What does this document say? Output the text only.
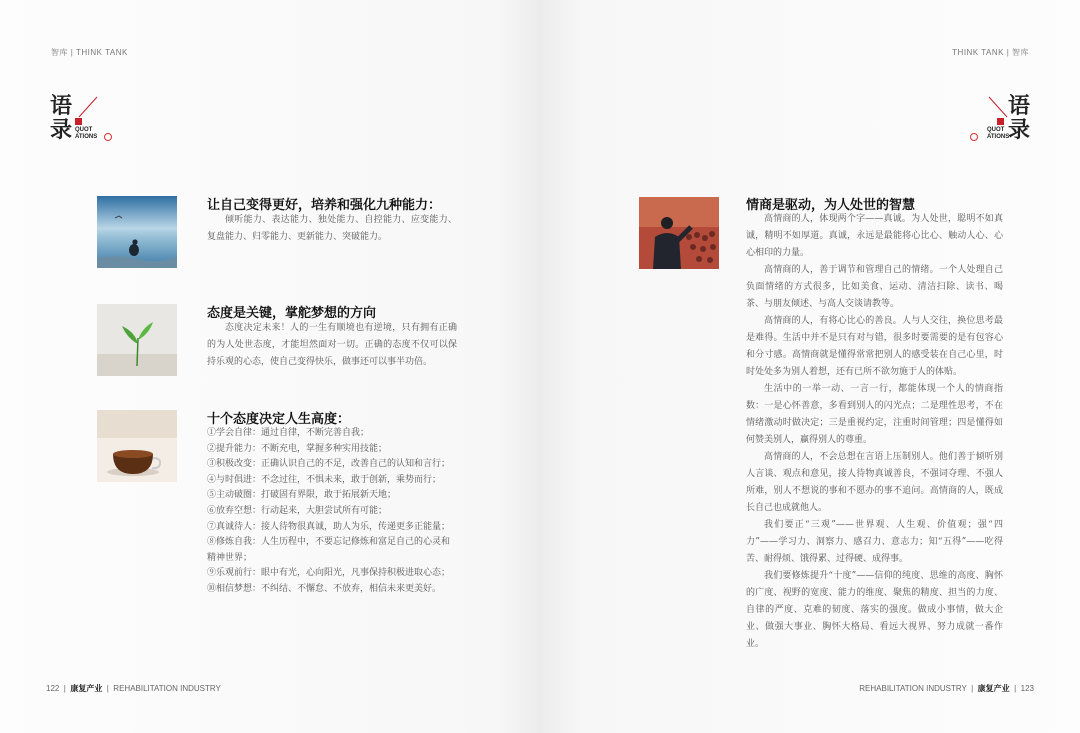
智库 | THINK TANK
语
录 QUOT
ATIONS
让自己变得更好，培养和强化九种能力：

倾听能力、表达能力、独处能力、自控能力、应变能力、复盘能力、归零能力、更新能力、突破能力。

态度是关键，掌舵梦想的方向

态度决定未来！人的一生有顺境也有逆境，只有拥有正确的为人处世态度，才能坦然面对一切。正确的态度不仅可以保持乐观的心态，使自己变得快乐，做事还可以事半功倍。

十个态度决定人生高度：
①学会自律：通过自律，不断完善自我；
②提升能力：不断充电，掌握多种实用技能；
③积极改变：正确认识自己的不足，改善自己的认知和言行；
④与时俱进：不念过往，不惧未来，敢于创新，乘势而行；
⑤主动破圈：打破固有界限，敢于拓展新天地；
⑥放弃空想：行动起来，大胆尝试所有可能；
⑦真诚待人：接人待物很真诚，助人为乐，传递更多正能量；
⑧修炼自我：人生历程中，不要忘记修炼和富足自己的心灵和精神世界；
⑨乐观前行：眼中有光，心向阳光，凡事保持积极进取心态；
⑩相信梦想：不纠结、不懈怠、不放弃，相信未来更美好。
122  |  康复产业  |  REHABILITATION INDUSTRY
THINK TANK | 智库
语
录
QUOT
ATIONS
情商是驱动，为人处世的智慧

高情商的人，体现两个字——真诚。为人处世，聪明不如真诚，精明不如厚道。真诚，永远是最能将心比心、触动人心、心心相印的力量。

高情商的人，善于调节和管理自己的情绪。一个人处理自己负面情绪的方式很多，比如美食、运动、清洁扫除、读书、喝茶、与朋友倾述、与高人交谈请教等。

高情商的人，有将心比心的善良。人与人交往，换位思考最是难得。生活中并不是只有对与错，很多时要需要的是有包容心和分寸感。高情商就是懂得常常把别人的感受装在自己心里，时时处处多为别人着想，还有已所不欲勿施于人的体贴。

生活中的一举一动、一言一行，都能体现一个人的情商指数：一是心怀善意，多看到别人的闪光点；二是理性思考，不在情绪激动时做决定；三是重视约定，注重时间管理；四是懂得如何赞美别人，赢得别人的尊重。

高情商的人，不会总想在言语上压制别人。他们善于倾听别人言谈、观点和意见，接人待物真诚善良，不强词夺理、不强人所难，别人不想说的事和不愿办的事不追问。高情商的人，既成长自己也成就他人。

我们要正“三观”——世界观、人生观、价值观；强“四力”——学习力、洞察力、感召力、意志力；知“五得”——吃得苦、耐得烦、饿得累、过得硬、成得事。

我们要修炼提升“十度”——信仰的纯度、思维的高度、胸怀的广度、视野的宽度、能力的维度、聚焦的精度、担当的力度、自律的严度、克难的韧度、落实的强度。做成小事情，做大企业、做强大事业、胸怀大格局、看远大视界、努力成就一番作业。

REHABILITATION INDUSTRY  |  康复产业  |  123
